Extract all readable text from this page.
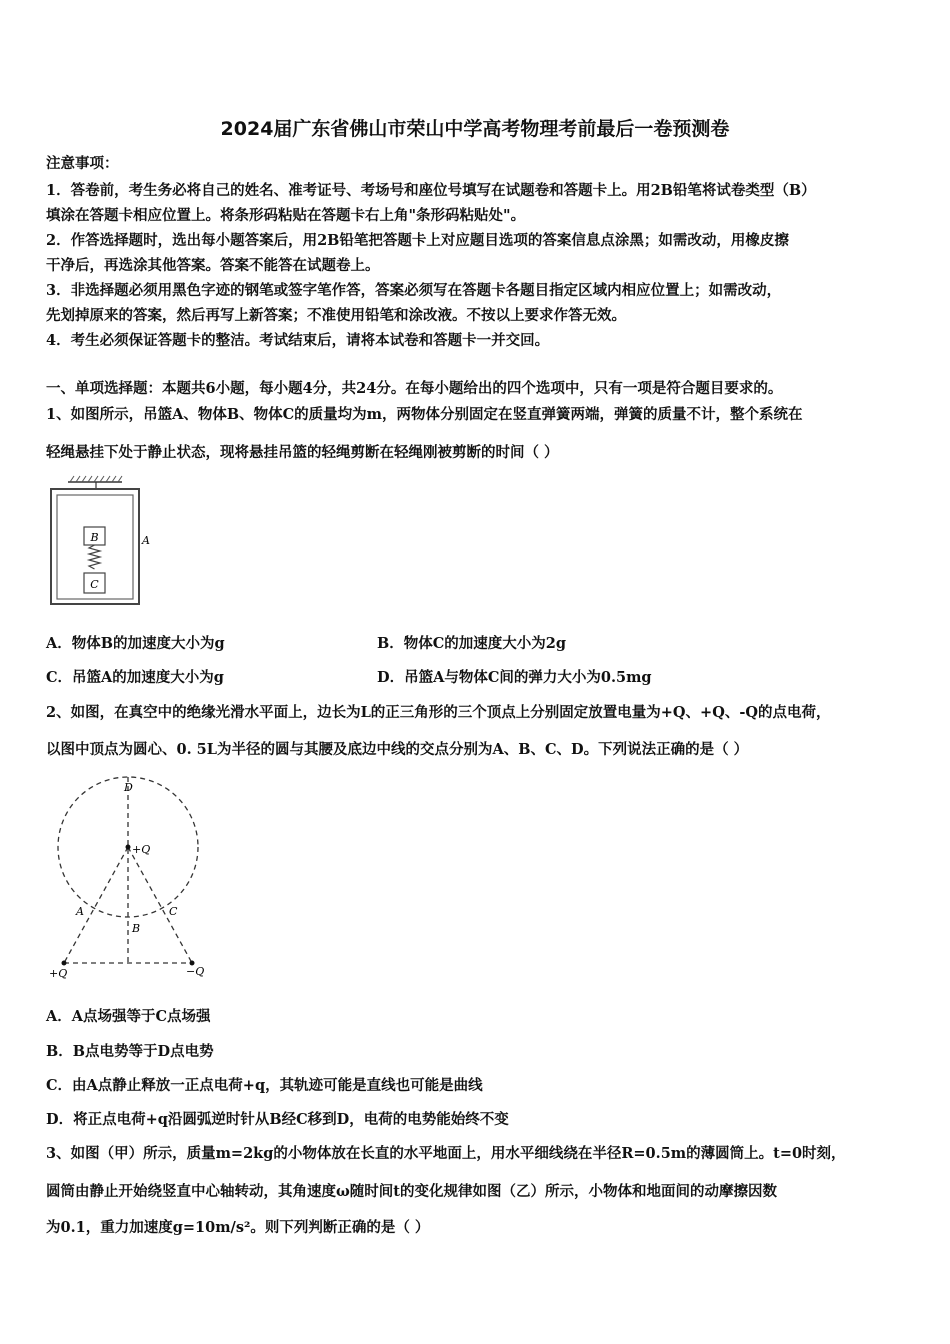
2024届广东省佛山市荣山中学高考物理考前最后一卷预测卷
注意事项：
1．答卷前，考生务必将自己的姓名、准考证号、考场号和座位号填写在试题卷和答题卡上。用2B铅笔将试卷类型（B）
填涂在答题卡相应位置上。将条形码粘贴在答题卡右上角"条形码粘贴处"。
2．作答选择题时，选出每小题答案后，用2B铅笔把答题卡上对应题目选项的答案信息点涂黑；如需改动，用橡皮擦
干净后，再选涂其他答案。答案不能答在试题卷上。
3．非选择题必须用黑色字迹的钢笔或签字笔作答，答案必须写在答题卡各题目指定区域内相应位置上；如需改动，
先划掉原来的答案，然后再写上新答案；不准使用铅笔和涂改液。不按以上要求作答无效。
4．考生必须保证答题卡的整洁。考试结束后，请将本试卷和答题卡一并交回。
一、单项选择题：本题共6小题，每小题4分，共24分。在每小题给出的四个选项中，只有一项是符合题目要求的。
1、如图所示，吊篮A、物体B、物体C的质量均为m，两物体分别固定在竖直弹簧两端，弹簧的质量不计，整个系统在
轻绳悬挂下处于静止状态，现将悬挂吊篮的轻绳剪断在轻绳刚被剪断的时间（ ）
B
C
A
A．物体B的加速度大小为g	B．物体C的加速度大小为2g
C．吊篮A的加速度大小为g	D．吊篮A与物体C间的弹力大小为0.5mg
2、如图，在真空中的绝缘光滑水平面上，边长为L的正三角形的三个顶点上分别固定放置电量为+Q、+Q、-Q的点电荷，
以图中顶点为圆心、0. 5L为半径的圆与其腰及底边中线的交点分别为A、B、C、D。下列说法正确的是（ ）
D
+Q
A
B
C
+Q	−Q
A．A点场强等于C点场强
B．B点电势等于D点电势
C．由A点静止释放一正点电荷+q，其轨迹可能是直线也可能是曲线
D．将正点电荷+q沿圆弧逆时针从B经C移到D，电荷的电势能始终不变
3、如图（甲）所示，质量m=2kg的小物体放在长直的水平地面上，用水平细线绕在半径R=0.5m的薄圆筒上。t=0时刻，
圆筒由静止开始绕竖直中心轴转动，其角速度ω随时间t的变化规律如图（乙）所示，小物体和地面间的动摩擦因数
为0.1，重力加速度g=10m/s²。则下列判断正确的是（ ）
